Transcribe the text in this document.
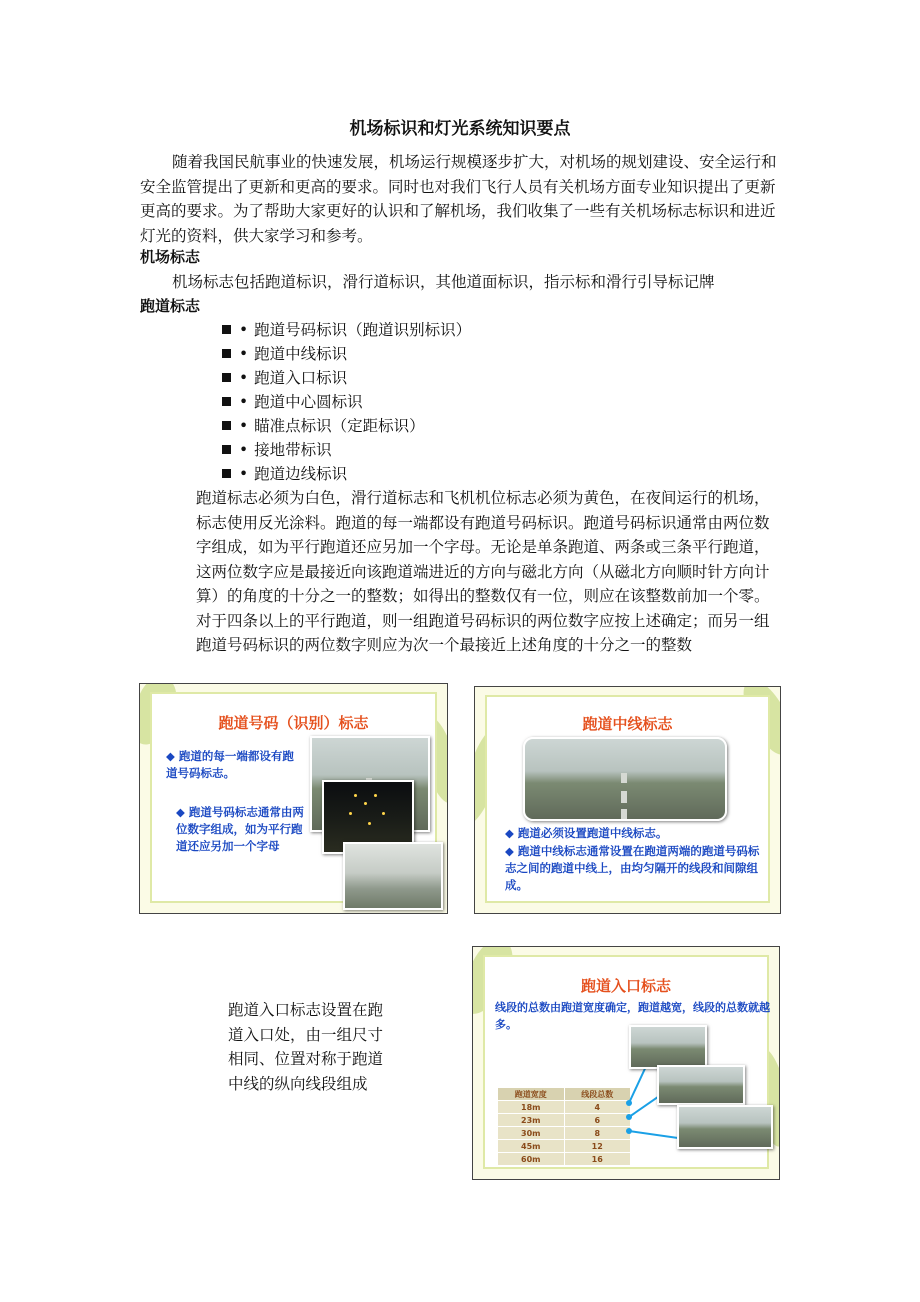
机场标识和灯光系统知识要点
随着我国民航事业的快速发展，机场运行规模逐步扩大，对机场的规划建设、安全运行和安全监管提出了更新和更高的要求。同时也对我们飞行人员有关机场方面专业知识提出了更新更高的要求。为了帮助大家更好的认识和了解机场，我们收集了一些有关机场标志标识和进近灯光的资料，供大家学习和参考。
机场标志
机场标志包括跑道标识，滑行道标识，其他道面标识，指示标和滑行引导标记牌
跑道标志
• 跑道号码标识（跑道识别标识）
• 跑道中线标识
• 跑道入口标识
• 跑道中心圆标识
• 瞄准点标识（定距标识）
• 接地带标识
• 跑道边线标识
跑道标志必须为白色，滑行道标志和飞机机位标志必须为黄色，在夜间运行的机场，标志使用反光涂料。跑道的每一端都设有跑道号码标识。跑道号码标识通常由两位数字组成，如为平行跑道还应另加一个字母。无论是单条跑道、两条或三条平行跑道，这两位数字应是最接近向该跑道端进近的方向与磁北方向（从磁北方向顺时针方向计算）的角度的十分之一的整数；如得出的整数仅有一位，则应在该整数前加一个零。对于四条以上的平行跑道，则一组跑道号码标识的两位数字应按上述确定；而另一组跑道号码标识的两位数字则应为次一个最接近上述角度的十分之一的整数
跑道号码（识别）标志
◆ 跑道的每一端都设有跑道号码标志。
◆ 跑道号码标志通常由两位数字组成，如为平行跑道还应另加一个字母
跑道中线标志
◆ 跑道必须设置跑道中线标志。
◆ 跑道中线标志通常设置在跑道两端的跑道号码标志之间的跑道中线上，由均匀隔开的线段和间隙组成。
跑道入口标志设置在跑道入口处，由一组尺寸相同、位置对称于跑道中线的纵向线段组成
跑道入口标志
线段的总数由跑道宽度确定，跑道越宽，线段的总数就越多。
跑道宽度	线段总数
18m	4
23m	6
30m	8
45m	12
60m	16
